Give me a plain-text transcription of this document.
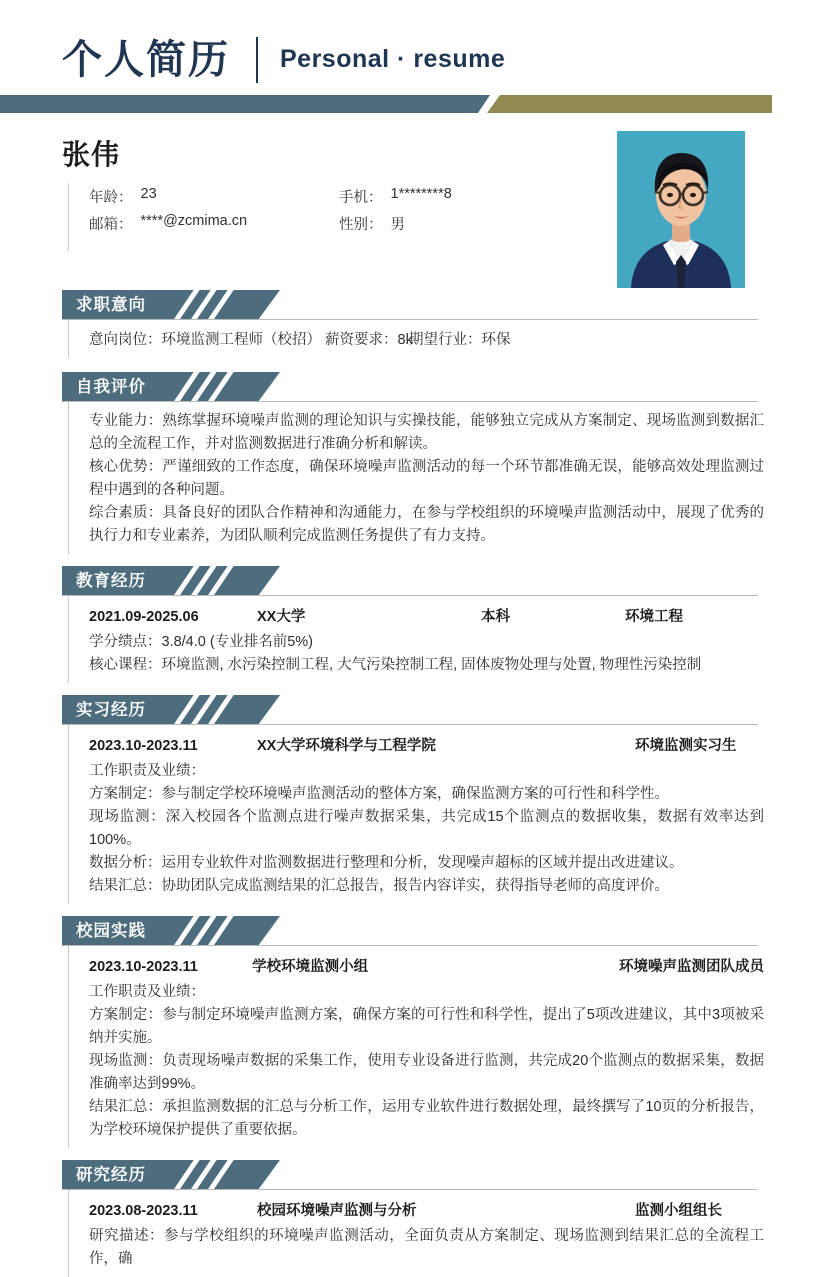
个人简历 Personal · resume
张伟
年龄： 23	手机： 1********8
邮箱： ****@zcmima.cn	性别： 男
求职意向
意向岗位：环境监测工程师（校招） 薪资要求：8k
期望行业：环保
自我评价
专业能力：熟练掌握环境噪声监测的理论知识与实操技能，能够独立完成从方案制定、现场监测到数据汇总的全流程工作，并对监测数据进行准确分析和解读。
核心优势：严谨细致的工作态度，确保环境噪声监测活动的每一个环节都准确无误，能够高效处理监测过程中遇到的各种问题。
综合素质：具备良好的团队合作精神和沟通能力，在参与学校组织的环境噪声监测活动中，展现了优秀的执行力和专业素养，为团队顺利完成监测任务提供了有力支持。
教育经历
2021.09-2025.06	XX大学	本科	环境工程
学分绩点：3.8/4.0 (专业排名前5%)
核心课程：环境监测, 水污染控制工程, 大气污染控制工程, 固体废物处理与处置, 物理性污染控制
实习经历
2023.10-2023.11	XX大学环境科学与工程学院	环境监测实习生
工作职责及业绩：
方案制定：参与制定学校环境噪声监测活动的整体方案，确保监测方案的可行性和科学性。
现场监测：深入校园各个监测点进行噪声数据采集，共完成15个监测点的数据收集，数据有效率达到100%。
数据分析：运用专业软件对监测数据进行整理和分析，发现噪声超标的区域并提出改进建议。
结果汇总：协助团队完成监测结果的汇总报告，报告内容详实，获得指导老师的高度评价。
校园实践
2023.10-2023.11	学校环境监测小组	环境噪声监测团队成员
工作职责及业绩：
方案制定：参与制定环境噪声监测方案，确保方案的可行性和科学性，提出了5项改进建议，其中3项被采纳并实施。
现场监测：负责现场噪声数据的采集工作，使用专业设备进行监测，共完成20个监测点的数据采集，数据准确率达到99%。
结果汇总：承担监测数据的汇总与分析工作，运用专业软件进行数据处理，最终撰写了10页的分析报告，为学校环境保护提供了重要依据。
研究经历
2023.08-2023.11	校园环境噪声监测与分析	监测小组组长
研究描述：参与学校组织的环境噪声监测活动，全面负责从方案制定、现场监测到结果汇总的全流程工作，确
